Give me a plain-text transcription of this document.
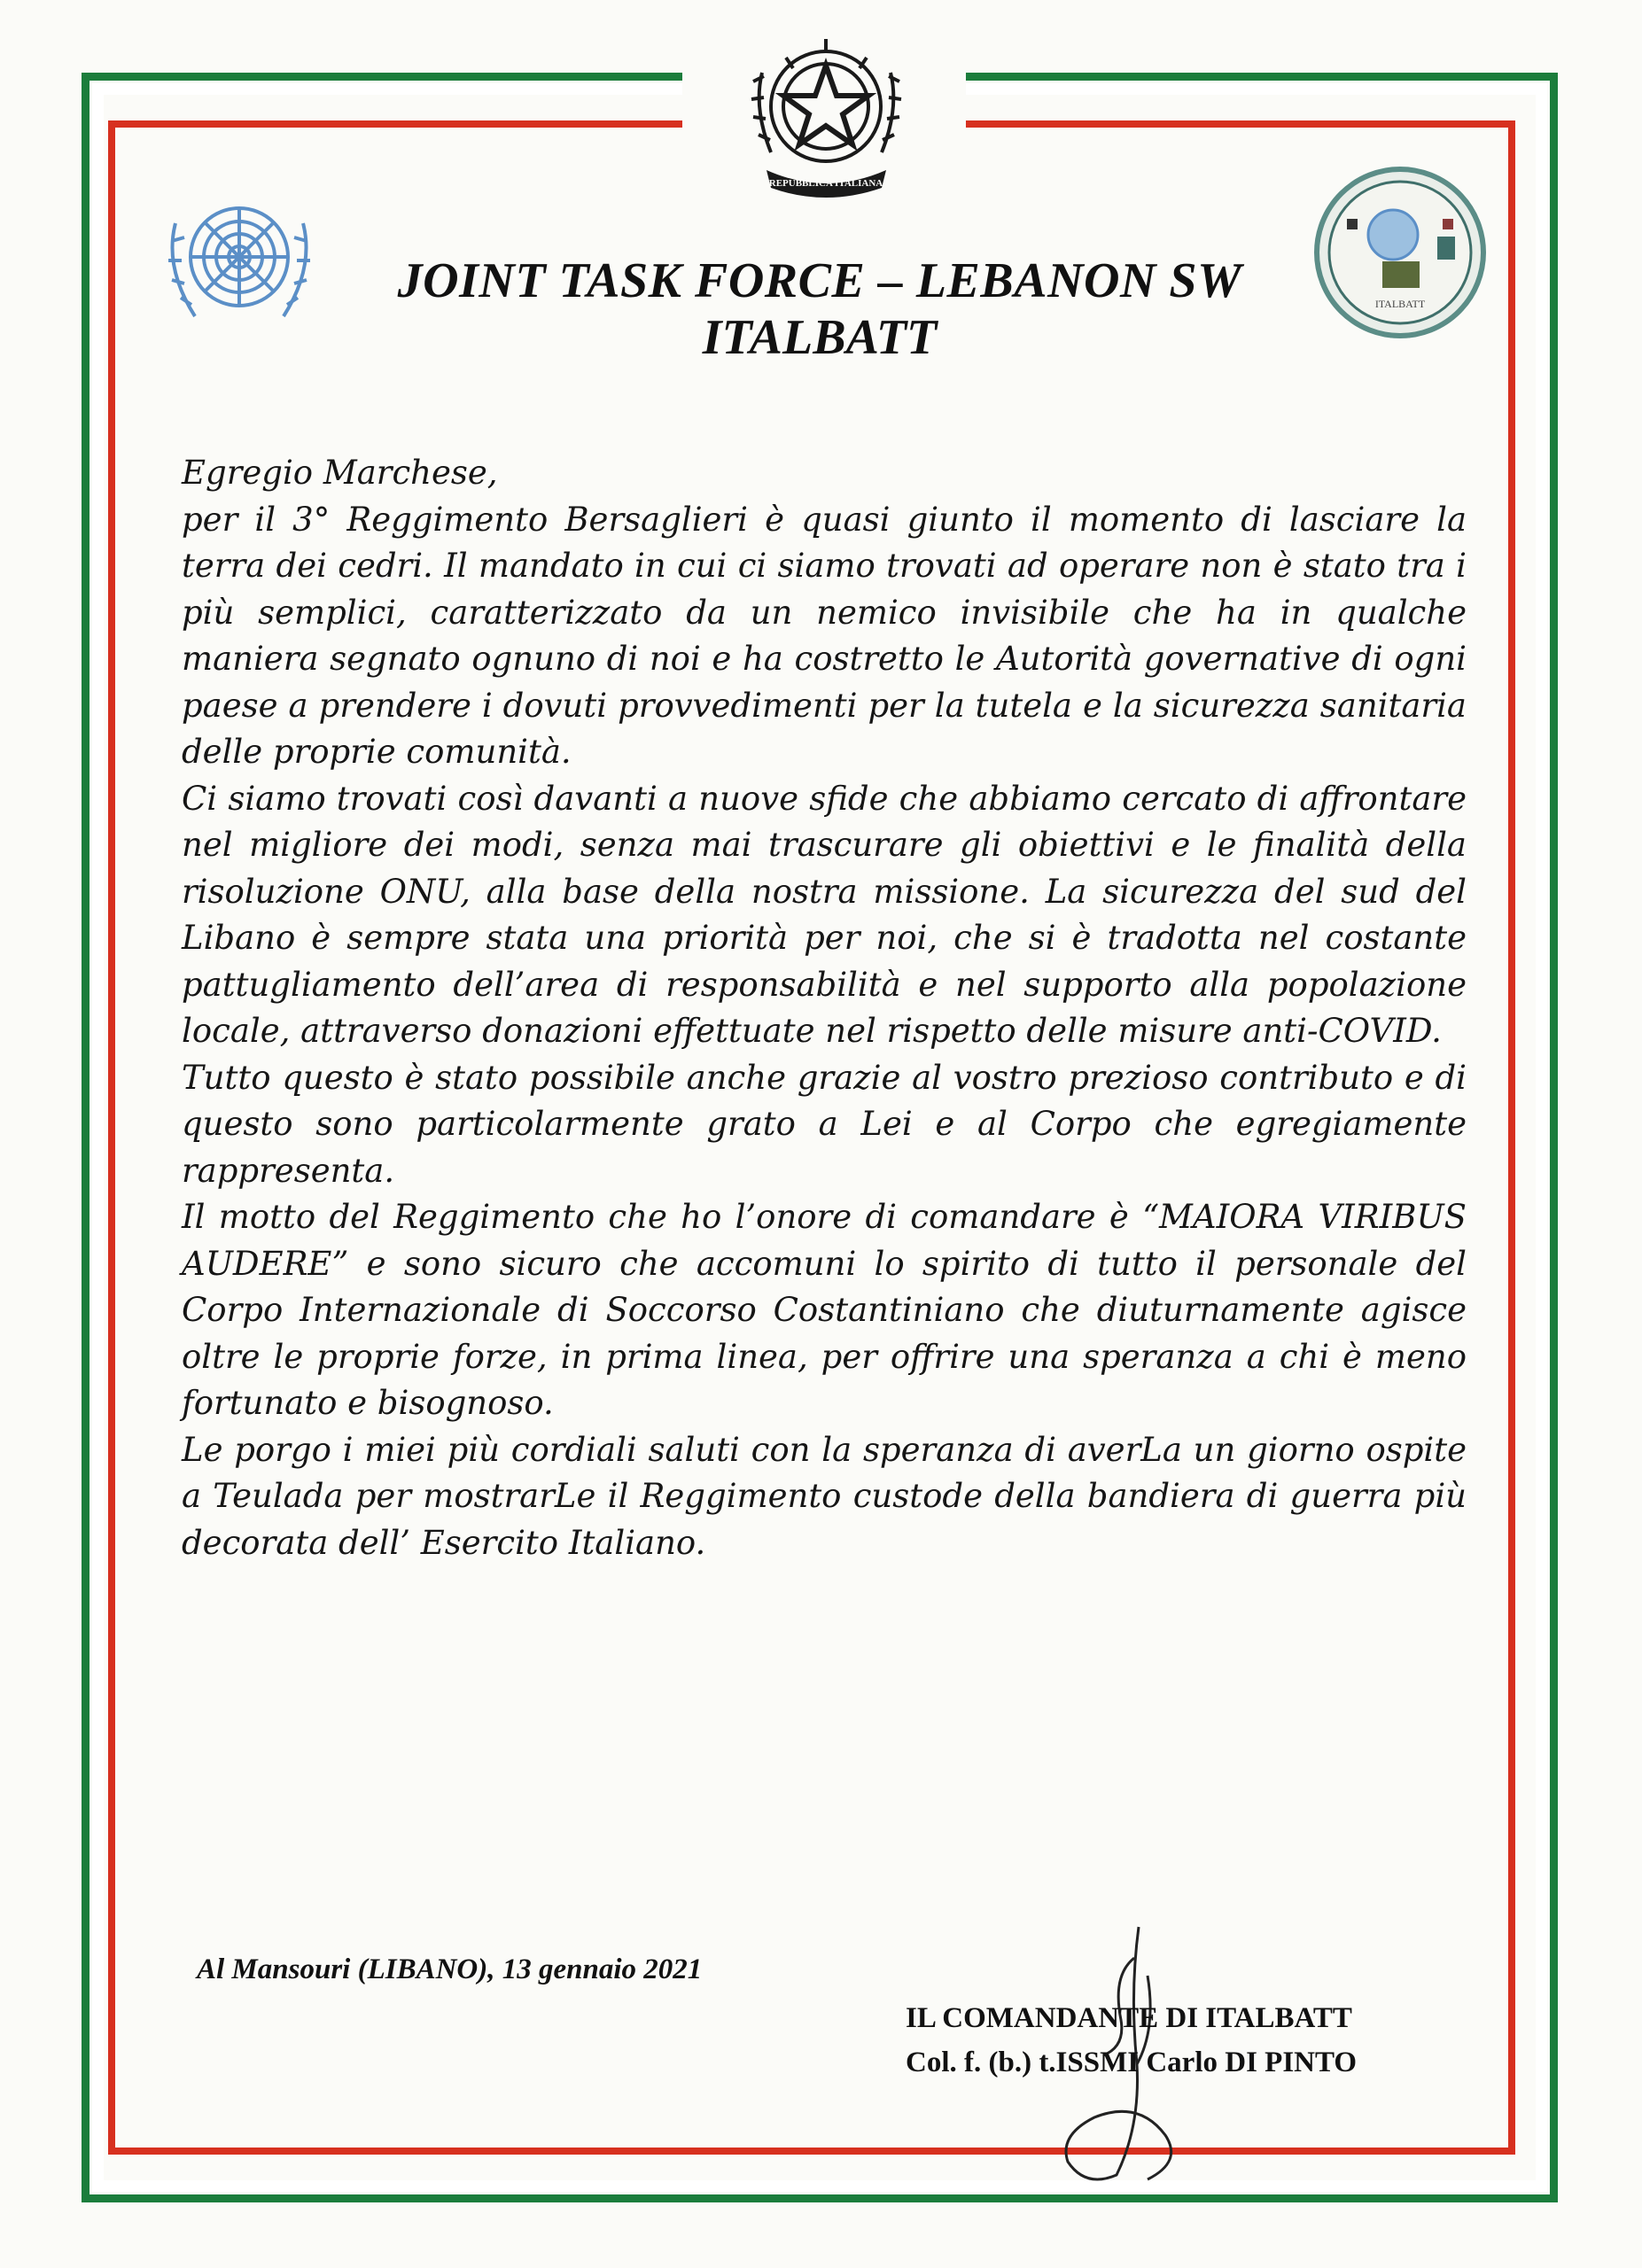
REPUBBLICA ITALIANA
ITALBATT
JOINT TASK FORCE – LEBANON SW
ITALBATT

Egregio Marchese,

per il 3° Reggimento Bersaglieri è quasi giunto il momento di lasciare la terra dei cedri. Il mandato in cui ci siamo trovati ad operare non è stato tra i più semplici, caratterizzato da un nemico invisibile che ha in qualche maniera segnato ognuno di noi e ha costretto le Autorità governative di ogni paese a prendere i dovuti provvedimenti per la tutela e la sicurezza sanitaria delle proprie comunità.

Ci siamo trovati così davanti a nuove sfide che abbiamo cercato di affrontare nel migliore dei modi, senza mai trascurare gli obiettivi e le finalità della risoluzione ONU, alla base della nostra missione. La sicurezza del sud del Libano è sempre stata una priorità per noi, che si è tradotta nel costante pattugliamento dell’area di responsabilità e nel supporto alla popolazione locale, attraverso donazioni effettuate nel rispetto delle misure anti-COVID.

Tutto questo è stato possibile anche grazie al vostro prezioso contributo e di questo sono particolarmente grato a Lei e al Corpo che egregiamente rappresenta.

Il motto del Reggimento che ho l’onore di comandare è “MAIORA VIRIBUS AUDERE” e sono sicuro che accomuni lo spirito di tutto il personale del Corpo Internazionale di Soccorso Costantiniano che diuturnamente agisce oltre le proprie forze, in prima linea, per offrire una speranza a chi è meno fortunato e bisognoso.

Le porgo i miei più cordiali saluti con la speranza di averLa un giorno ospite a Teulada per mostrarLe il Reggimento custode della bandiera di guerra più decorata dell’ Esercito Italiano.

Al Mansouri (LIBANO), 13 gennaio 2021
IL COMANDANTE DI ITALBATT
Col. f. (b.) t.ISSMI Carlo DI PINTO
